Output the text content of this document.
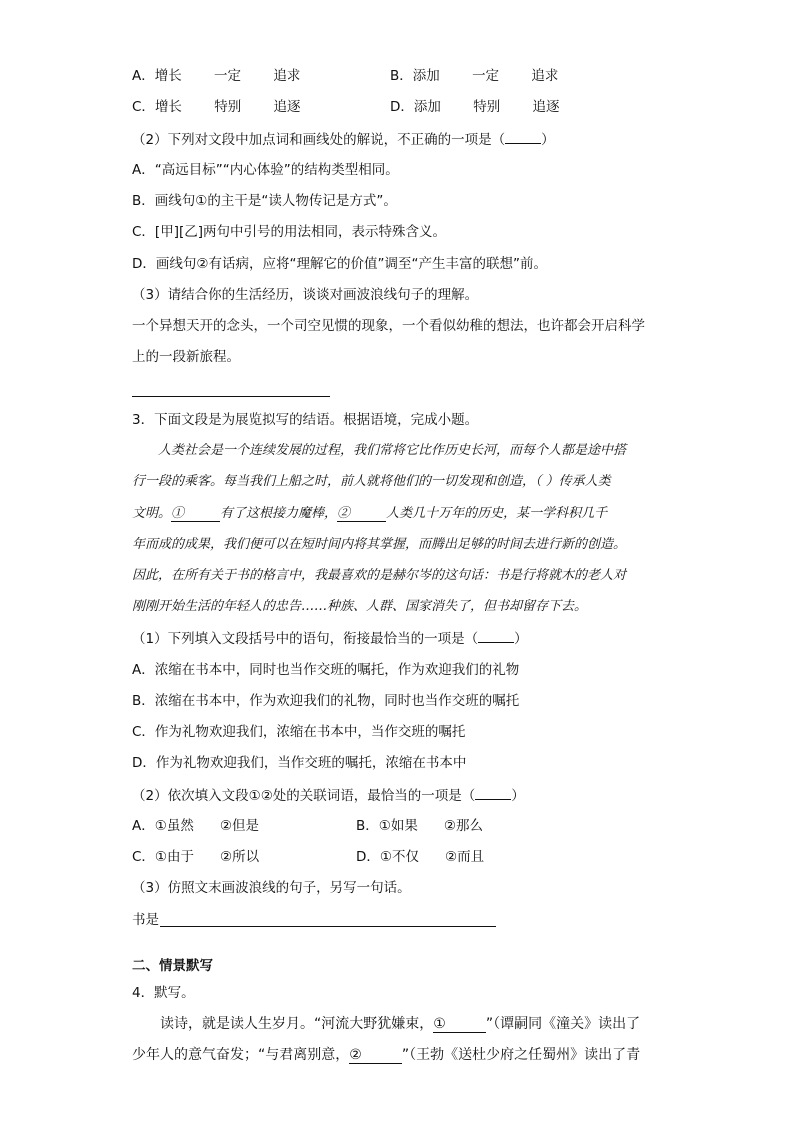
A．增长 一定 追求	B．添加 一定 追求
C．增长 特别 追逐	D．添加 特别 追逐
（2）下列对文段中加点词和画线处的解说，不正确的一项是（	）
A．“高远目标”“内心体验”的结构类型相同。
B．画线句①的主干是“读人物传记是方式”。
C．[甲][乙]两句中引号的用法相同，表示特殊含义。
D．画线句②有话病，应将“理解它的价值”调至“产生丰富的联想”前。
（3）请结合你的生活经历，谈谈对画波浪线句子的理解。
一个异想天开的念头，一个司空见惯的现象，一个看似幼稚的想法，也许都会开启科学
上的一段新旅程。
3．下面文段是为展览拟写的结语。根据语境，完成小题。
人类社会是一个连续发展的过程，我们常将它比作历史长河，而每个人都是途中搭
行一段的乘客。每当我们上船之时，前人就将他们的一切发现和创造，（ ）传承人类
文明。①	有了这根接力魔棒，②	人类几十万年的历史，某一学科积几千
年而成的成果，我们便可以在短时间内将其掌握，而腾出足够的时间去进行新的创造。
因此，在所有关于书的格言中，我最喜欢的是赫尔岑的这句话：书是行将就木的老人对
刚刚开始生活的年轻人的忠告……种族、人群、国家消失了，但书却留存下去。
（1）下列填入文段括号中的语句，衔接最恰当的一项是（	）
A．浓缩在书本中，同时也当作交班的嘱托，作为欢迎我们的礼物
B．浓缩在书本中，作为欢迎我们的礼物，同时也当作交班的嘱托
C．作为礼物欢迎我们，浓缩在书本中，当作交班的嘱托
D．作为礼物欢迎我们，当作交班的嘱托，浓缩在书本中
（2）依次填入文段①②处的关联词语，最恰当的一项是（	）
A．①虽然 ②但是	B．①如果 ②那么
C．①由于 ②所以	D．①不仅 ②而且
（3）仿照文末画波浪线的句子，另写一句话。
书是
二、情景默写
4．默写。
读诗，就是读人生岁月。“河流大野犹嫌束，①	”（谭嗣同《潼关》读出了
少年人的意气奋发；“与君离别意，②	”（王勃《送杜少府之任蜀州》读出了青
